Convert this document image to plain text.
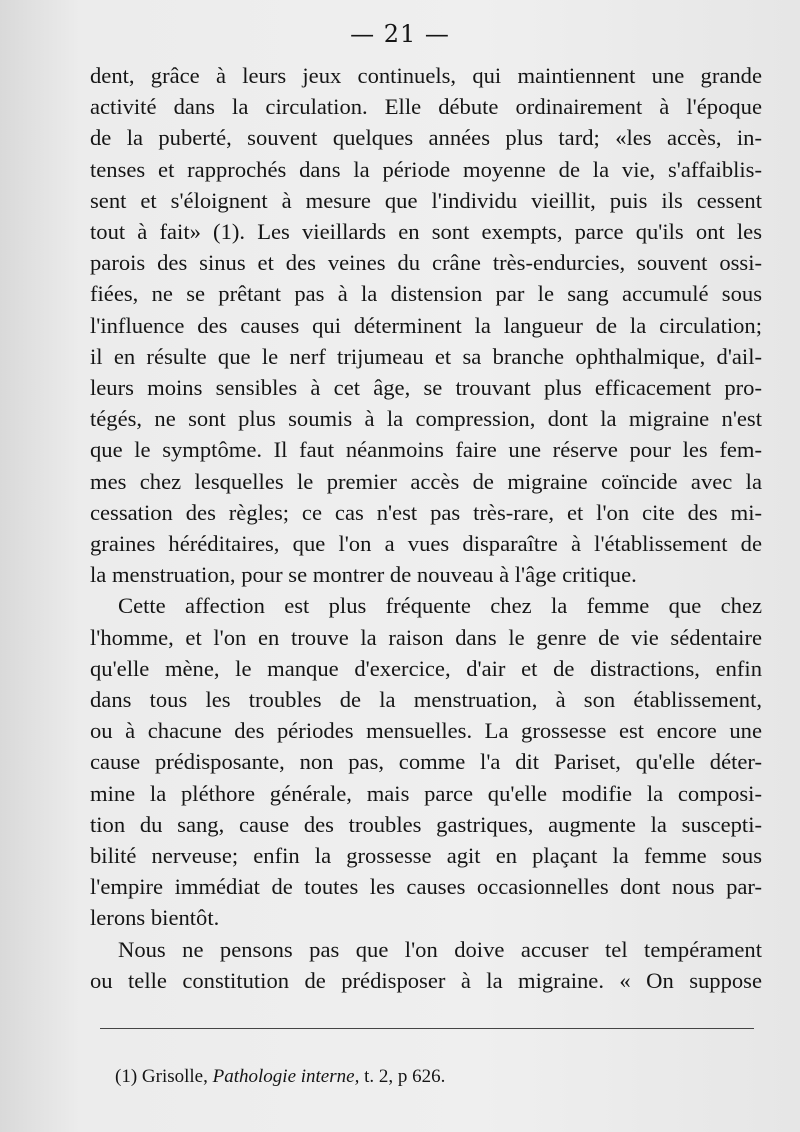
— 21 —

dent, grâce à leurs jeux continuels, qui maintiennent une grande
activité dans la circulation. Elle débute ordinairement à l'époque
de la puberté, souvent quelques années plus tard; «les accès, in-
tenses et rapprochés dans la période moyenne de la vie, s'affaiblis-
sent et s'éloignent à mesure que l'individu vieillit, puis ils cessent
tout à fait» (1). Les vieillards en sont exempts, parce qu'ils ont les
parois des sinus et des veines du crâne très-endurcies, souvent ossi-
fiées, ne se prêtant pas à la distension par le sang accumulé sous
l'influence des causes qui déterminent la langueur de la circulation;
il en résulte que le nerf trijumeau et sa branche ophthalmique, d'ail-
leurs moins sensibles à cet âge, se trouvant plus efficacement pro-
tégés, ne sont plus soumis à la compression, dont la migraine n'est
que le symptôme. Il faut néanmoins faire une réserve pour les fem-
mes chez lesquelles le premier accès de migraine coïncide avec la
cessation des règles; ce cas n'est pas très-rare, et l'on cite des mi-
graines héréditaires, que l'on a vues disparaître à l'établissement de
la menstruation, pour se montrer de nouveau à l'âge critique.

Cette affection est plus fréquente chez la femme que chez
l'homme, et l'on en trouve la raison dans le genre de vie sédentaire
qu'elle mène, le manque d'exercice, d'air et de distractions, enfin
dans tous les troubles de la menstruation, à son établissement,
ou à chacune des périodes mensuelles. La grossesse est encore une
cause prédisposante, non pas, comme l'a dit Pariset, qu'elle déter-
mine la pléthore générale, mais parce qu'elle modifie la composi-
tion du sang, cause des troubles gastriques, augmente la suscepti-
bilité nerveuse; enfin la grossesse agit en plaçant la femme sous
l'empire immédiat de toutes les causes occasionnelles dont nous par-
lerons bientôt.

Nous ne pensons pas que l'on doive accuser tel tempérament
ou telle constitution de prédisposer à la migraine. « On suppose

(1) Grisolle, Pathologie interne, t. 2, p 626.
